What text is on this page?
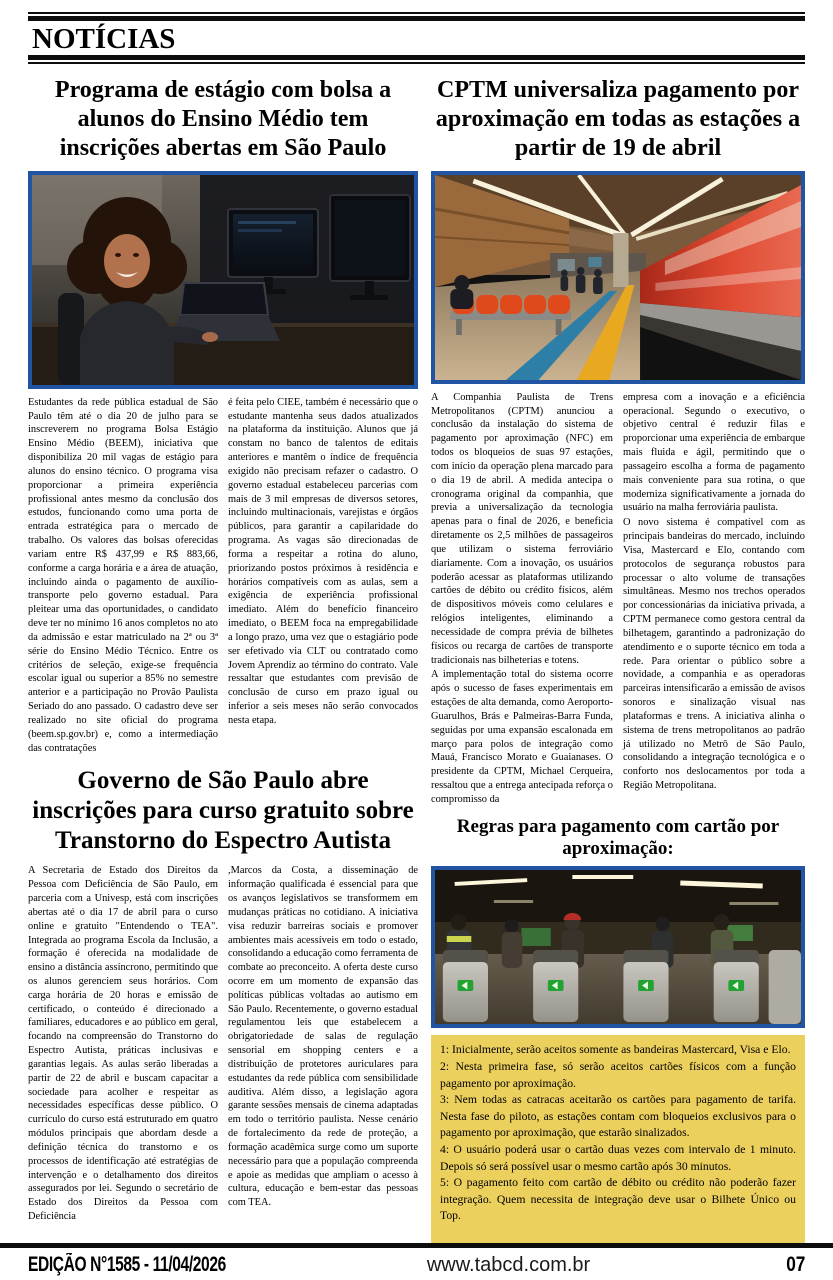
NOTÍCIAS
Programa de estágio com bolsa a alunos do Ensino Médio tem inscrições abertas em São Paulo

Estudantes da rede pública estadual de São Paulo têm até o dia 20 de julho para se inscreverem no programa Bolsa Estágio Ensino Médio (BEEM), iniciativa que disponibiliza 20 mil vagas de estágio para alunos do ensino técnico. O programa visa proporcionar a primeira experiência profissional antes mesmo da conclusão dos estudos, funcionando como uma porta de entrada estratégica para o mercado de trabalho. Os valores das bolsas oferecidas variam entre R$ 437,99 e R$ 883,66, conforme a carga horária e a área de atuação, incluindo ainda o pagamento de auxílio-transporte pelo governo estadual. Para pleitear uma das oportunidades, o candidato deve ter no mínimo 16 anos completos no ato da admissão e estar matriculado na 2ª ou 3ª série do Ensino Médio Técnico. Entre os critérios de seleção, exige-se frequência escolar igual ou superior a 85% no semestre anterior e a participação no Provão Paulista Seriado do ano passado. O cadastro deve ser realizado no site oficial do programa (beem.sp.gov.br) e, como a intermediação das contratações

é feita pelo CIEE, também é necessário que o estudante mantenha seus dados atualizados na plataforma da instituição. Alunos que já constam no banco de talentos de editais anteriores e mantêm o índice de frequência exigido não precisam refazer o cadastro. O governo estadual estabeleceu parcerias com mais de 3 mil empresas de diversos setores, incluindo multinacionais, varejistas e órgãos públicos, para garantir a capilaridade do programa. As vagas são direcionadas de forma a respeitar a rotina do aluno, priorizando postos próximos à residência e horários compatíveis com as aulas, sem a exigência de experiência profissional imediato. Além do benefício financeiro imediato, o BEEM foca na empregabilidade a longo prazo, uma vez que o estagiário pode ser efetivado via CLT ou contratado como Jovem Aprendiz ao término do contrato. Vale ressaltar que estudantes com previsão de conclusão de curso em prazo igual ou inferior a seis meses não serão convocados nesta etapa.

Governo de São Paulo abre inscrições para curso gratuito sobre Transtorno do Espectro Autista

A Secretaria de Estado dos Direitos da Pessoa com Deficiência de São Paulo, em parceria com a Univesp, está com inscrições abertas até o dia 17 de abril para o curso online e gratuito "Entendendo o TEA". Integrada ao programa Escola da Inclusão, a formação é oferecida na modalidade de ensino a distância assíncrono, permitindo que os alunos gerenciem seus horários. Com carga horária de 20 horas e emissão de certificado, o conteúdo é direcionado a familiares, educadores e ao público em geral, focando na compreensão do Transtorno do Espectro Autista, práticas inclusivas e garantias legais. As aulas serão liberadas a partir de 22 de abril e buscam capacitar a sociedade para acolher e respeitar as necessidades específicas desse público. O currículo do curso está estruturado em quatro módulos principais que abordam desde a definição técnica do transtorno e os processos de identificação até estratégias de intervenção e o detalhamento dos direitos assegurados por lei. Segundo o secretário de Estado dos Direitos da Pessoa com Deficiência

,Marcos da Costa, a disseminação de informação qualificada é essencial para que os avanços legislativos se transformem em mudanças práticas no cotidiano. A iniciativa visa reduzir barreiras sociais e promover ambientes mais acessíveis em todo o estado, consolidando a educação como ferramenta de combate ao preconceito. A oferta deste curso ocorre em um momento de expansão das políticas públicas voltadas ao autismo em São Paulo. Recentemente, o governo estadual regulamentou leis que estabelecem a obrigatoriedade de salas de regulação sensorial em shopping centers e a distribuição de protetores auriculares para estudantes da rede pública com sensibilidade auditiva. Além disso, a legislação agora garante sessões mensais de cinema adaptadas em todo o território paulista. Nesse cenário de fortalecimento da rede de proteção, a formação acadêmica surge como um suporte necessário para que a população compreenda e apoie as medidas que ampliam o acesso à cultura, educação e bem-estar das pessoas com TEA.

CPTM universaliza pagamento por aproximação em todas as estações a partir de 19 de abril

A Companhia Paulista de Trens Metropolitanos (CPTM) anunciou a conclusão da instalação do sistema de pagamento por aproximação (NFC) em todos os bloqueios de suas 97 estações, com início da operação plena marcado para o dia 19 de abril. A medida antecipa o cronograma original da companhia, que previa a universalização da tecnologia apenas para o final de 2026, e beneficia diretamente os 2,5 milhões de passageiros que utilizam o sistema ferroviário diariamente. Com a inovação, os usuários poderão acessar as plataformas utilizando cartões de débito ou crédito físicos, além de dispositivos móveis como celulares e relógios inteligentes, eliminando a necessidade de compra prévia de bilhetes físicos ou recarga de cartões de transporte tradicionais nas bilheterias e totens.

A implementação total do sistema ocorre após o sucesso de fases experimentais em estações de alta demanda, como Aeroporto-Guarulhos, Brás e Palmeiras-Barra Funda, seguidas por uma expansão escalonada em março para polos de integração como Mauá, Francisco Morato e Guaianases. O presidente da CPTM, Michael Cerqueira, ressaltou que a entrega antecipada reforça o compromisso da

empresa com a inovação e a eficiência operacional. Segundo o executivo, o objetivo central é reduzir filas e proporcionar uma experiência de embarque mais fluida e ágil, permitindo que o passageiro escolha a forma de pagamento mais conveniente para sua rotina, o que moderniza significativamente a jornada do usuário na malha ferroviária paulista.

O novo sistema é compatível com as principais bandeiras do mercado, incluindo Visa, Mastercard e Elo, contando com protocolos de segurança robustos para processar o alto volume de transações simultâneas. Mesmo nos trechos operados por concessionárias da iniciativa privada, a CPTM permanece como gestora central da bilhetagem, garantindo a padronização do atendimento e o suporte técnico em toda a rede. Para orientar o público sobre a novidade, a companhia e as operadoras parceiras intensificarão a emissão de avisos sonoros e sinalização visual nas plataformas e trens. A iniciativa alinha o sistema de trens metropolitanos ao padrão já utilizado no Metrô de São Paulo, consolidando a integração tecnológica e o conforto nos deslocamentos por toda a Região Metropolitana.

Regras para pagamento com cartão por aproximação:

1: Inicialmente, serão aceitos somente as bandeiras Mastercard, Visa e Elo.

2: Nesta primeira fase, só serão aceitos cartões físicos com a função pagamento por aproximação.

3: Nem todas as catracas aceitarão os cartões para pagamento de tarifa. Nesta fase do piloto, as estações contam com bloqueios exclusivos para o pagamento por aproximação, que estarão sinalizados.

4: O usuário poderá usar o cartão duas vezes com intervalo de 1 minuto. Depois só será possível usar o mesmo cartão após 30 minutos.

5: O pagamento feito com cartão de débito ou crédito não poderão fazer integração. Quem necessita de integração deve usar o Bilhete Único ou Top.

EDIÇÃO N°1585 - 11/04/2026	www.tabcd.com.br	07
